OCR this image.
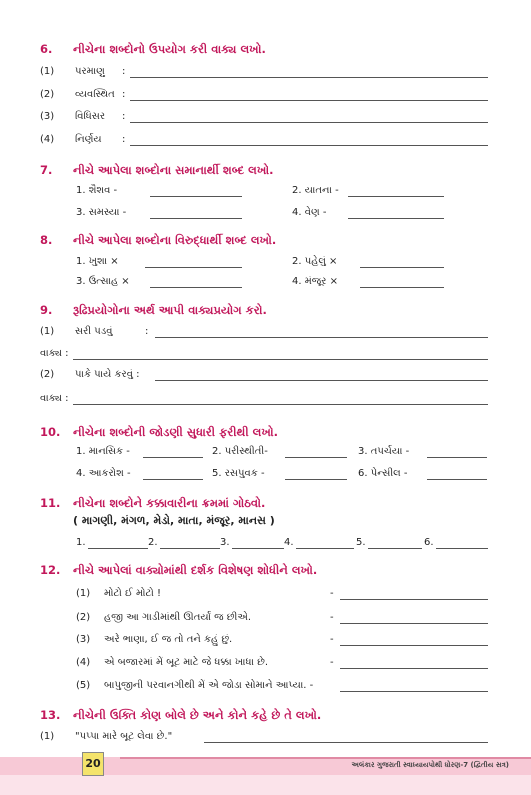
6. નીચેના શબ્દોનો ઉપયોગ કરી વાક્ય લખો.
(1) પરમાણુ :
(2) વ્યવસ્થિત :
(3) વિધિસર :
(4) નિર્ણય :
7. નીચે આપેલા શબ્દોના સમાનાર્થી શબ્દ લખો.
1. શૈશવ -	2. યાતના -
3. સમસ્યા -	4. વેણ -
8. નીચે આપેલા શબ્દોના વિરુદ્ધાર્થી શબ્દ લખો.
1. ખુશા ×	2. પહેલું ×
3. ઉત્સાહ ×	4. મંજૂર ×
9. રૂઢિપ્રયોગોના અર્થ આપી વાક્યપ્રયોગ કરો.
(1) સરી પડવું	:
વાક્ય :
(2) પાકે પાયે કરવું :
વાક્ય :
10. નીચેના શબ્દોની જોડણી સુધારી ફરીથી લખો.
1. માનસિક -	2. પરીસ્થીતી-	3. તપર્ચયા -
4. આકરોશ -	5. રસપુવક -	6. પેન્સીલ -
11. નીચેના શબ્દોને કક્કાવારીના ક્રમમાં ગોઠવો.
( માગણી, મંગળ, મેડો, માતા, મંજૂર, માનસ )
1.	2.	3.	4.	5.	6.
12. નીચે આપેલાં વાક્યોમાંથી દર્શક વિશેષણ શોધીને લખો.
(1) મોટો ઈ મોટો !	-
(2) હજી આ ગાડીમાંથી ઊતર્યાં જ છીએ.	-
(3) અરે ભાણા, ઈ જ તો તને કહું છું.	-
(4) એ બજારમાં મેં બૂટ માટે જે ધક્કા ખાધા છે.	-
(5) બાપુજીની પરવાનગીથી મેં એ જોડા સોમાને આપ્યા. -
13. નીચેની ઉક્તિ કોણ બોલે છે અને કોને કહે છે તે લખો.
(1) "પપ્પા મારે બૂટ લેવા છે."
20	અલંકાર ગુજરાતી સ્વાધ્યાયપોથી ધોરણ-7 (દ્વિતીય સત્ર)
